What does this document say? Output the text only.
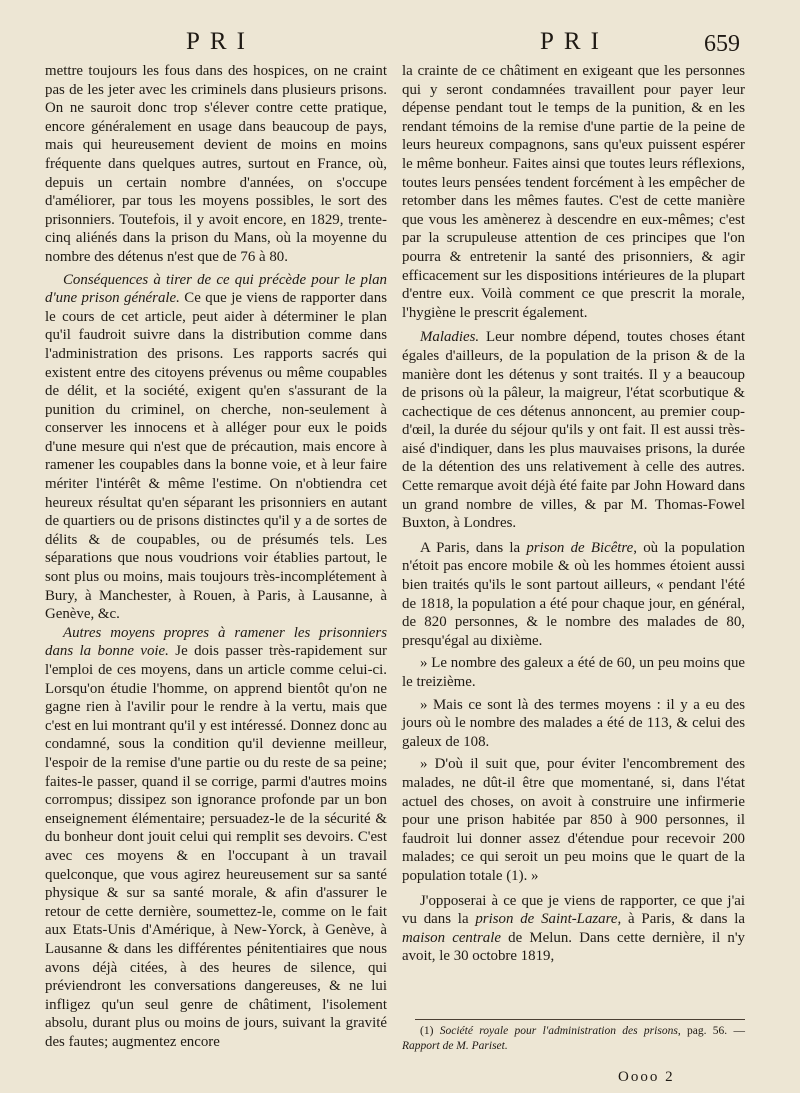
PRI	PRI	659

mettre toujours les fous dans des hospices, on ne craint pas de les jeter avec les criminels dans plusieurs prisons. On ne sauroit donc trop s'élever contre cette pratique, encore généralement en usage dans beaucoup de pays, mais qui heureusement devient de moins en moins fréquente dans quelques autres, surtout en France, où, depuis un certain nombre d'années, on s'occupe d'améliorer, par tous les moyens possibles, le sort des prisonniers. Toutefois, il y avoit encore, en 1829, trente-cinq aliénés dans la prison du Mans, où la moyenne du nombre des détenus n'est que de 76 à 80.

Conséquences à tirer de ce qui précède pour le plan d'une prison générale. Ce que je viens de rapporter dans le cours de cet article, peut aider à déterminer le plan qu'il faudroit suivre dans la distribution comme dans l'administration des prisons. Les rapports sacrés qui existent entre des citoyens prévenus ou même coupables de délit, et la société, exigent qu'en s'assurant de la punition du criminel, on cherche, non-seulement à conserver les innocens et à alléger pour eux le poids d'une mesure qui n'est que de précaution, mais encore à ramener les coupables dans la bonne voie, et à leur faire mériter l'intérêt & même l'estime. On n'obtiendra cet heureux résultat qu'en séparant les prisonniers en autant de quartiers ou de prisons distinctes qu'il y a de sortes de délits & de coupables, ou de présumés tels. Les séparations que nous voudrions voir établies partout, le sont plus ou moins, mais toujours très-incomplétement à Bury, à Manchester, à Rouen, à Paris, à Lausanne, à Genève, &c.

Autres moyens propres à ramener les prisonniers dans la bonne voie. Je dois passer très-rapidement sur l'emploi de ces moyens, dans un article comme celui-ci. Lorsqu'on étudie l'homme, on apprend bientôt qu'on ne gagne rien à l'avilir pour le rendre à la vertu, mais que c'est en lui montrant qu'il y est intéressé. Donnez donc au condamné, sous la condition qu'il devienne meilleur, l'espoir de la remise d'une partie ou du reste de sa peine; faites-le passer, quand il se corrige, parmi d'autres moins corrompus; dissipez son ignorance profonde par un bon enseignement élémentaire; persuadez-le de la sécurité & du bonheur dont jouit celui qui remplit ses devoirs. C'est avec ces moyens & en l'occupant à un travail quelconque, que vous agirez heureusement sur sa santé physique & sur sa santé morale, & afin d'assurer le retour de cette dernière, soumettez-le, comme on le fait aux Etats-Unis d'Amérique, à New-Yorck, à Genève, à Lausanne & dans les différentes pénitentiaires que nous avons déjà citées, à des heures de silence, qui préviendront les conversations dangereuses, & ne lui infligez qu'un seul genre de châtiment, l'isolement absolu, durant plus ou moins de jours, suivant la gravité des fautes; augmentez encore

la crainte de ce châtiment en exigeant que les personnes qui y seront condamnées travaillent pour payer leur dépense pendant tout le temps de la punition, & en les rendant témoins de la remise d'une partie de la peine de leurs heureux compagnons, sans qu'eux puissent espérer le même bonheur. Faites ainsi que toutes leurs réflexions, toutes leurs pensées tendent forcément à les empêcher de retomber dans les mêmes fautes. C'est de cette manière que vous les amènerez à descendre en eux-mêmes; c'est par la scrupuleuse attention de ces principes que l'on pourra & entretenir la santé des prisonniers, & agir efficacement sur les dispositions intérieures de la plupart d'entre eux. Voilà comment ce que prescrit la morale, l'hygiène le prescrit également.

Maladies. Leur nombre dépend, toutes choses étant égales d'ailleurs, de la population de la prison & de la manière dont les détenus y sont traités. Il y a beaucoup de prisons où la pâleur, la maigreur, l'état scorbutique & cachectique de ces détenus annoncent, au premier coup-d'œil, la durée du séjour qu'ils y ont fait. Il est aussi très-aisé d'indiquer, dans les plus mauvaises prisons, la durée de la détention des uns relativement à celle des autres. Cette remarque avoit déjà été faite par John Howard dans un grand nombre de villes, & par M. Thomas-Fowel Buxton, à Londres.

A Paris, dans la prison de Bicêtre, où la population n'étoit pas encore mobile & où les hommes étoient aussi bien traités qu'ils le sont partout ailleurs, « pendant l'été de 1818, la population a été pour chaque jour, en général, de 820 personnes, & le nombre des malades de 80, presqu'égal au dixième.

» Le nombre des galeux a été de 60, un peu moins que le treizième.

» Mais ce sont là des termes moyens : il y a eu des jours où le nombre des malades a été de 113, & celui des galeux de 108.

» D'où il suit que, pour éviter l'encombrement des malades, ne dût-il être que momentané, si, dans l'état actuel des choses, on avoit à construire une infirmerie pour une prison habitée par 850 à 900 personnes, il faudroit lui donner assez d'étendue pour recevoir 200 malades; ce qui seroit un peu moins que le quart de la population totale (1). »

J'opposerai à ce que je viens de rapporter, ce que j'ai vu dans la prison de Saint-Lazare, à Paris, & dans la maison centrale de Melun. Dans cette dernière, il n'y avoit, le 30 octobre 1819,

(1) Société royale pour l'administration des prisons, pag. 56. — Rapport de M. Pariset.
Oooo 2
